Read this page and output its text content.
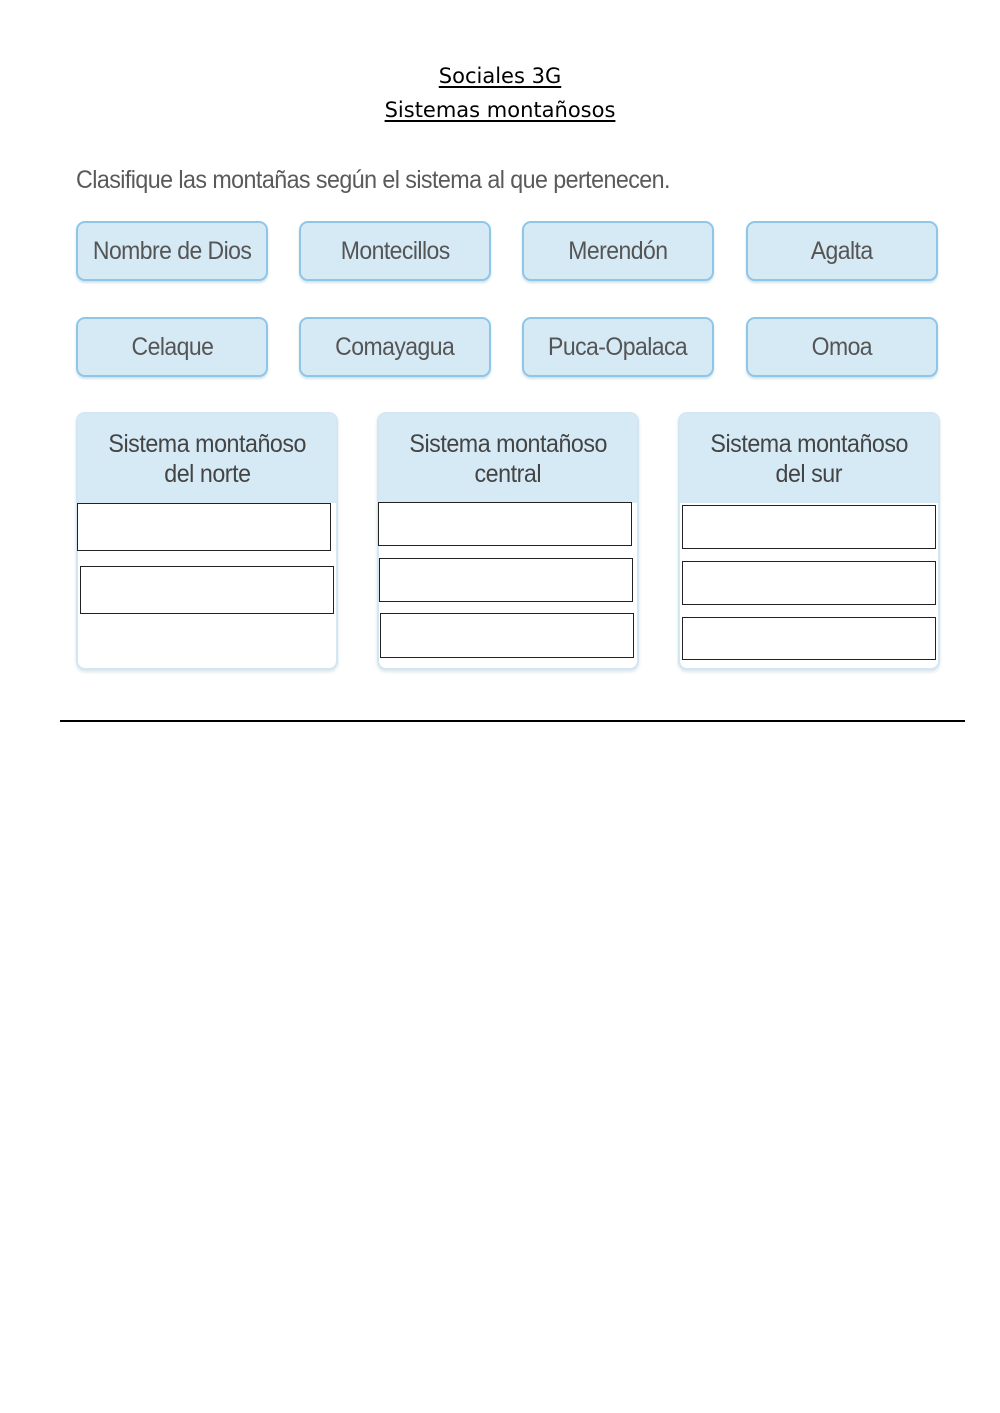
Sociales 3G
Sistemas montañosos
Clasifique las montañas según el sistema al que pertenecen.
Nombre de Dios	Montecillos	Merendón	Agalta
Celaque	Comayagua	Puca-Opalaca	Omoa
Sistema montañoso
del norte
Sistema montañoso
central
Sistema montañoso
del sur
